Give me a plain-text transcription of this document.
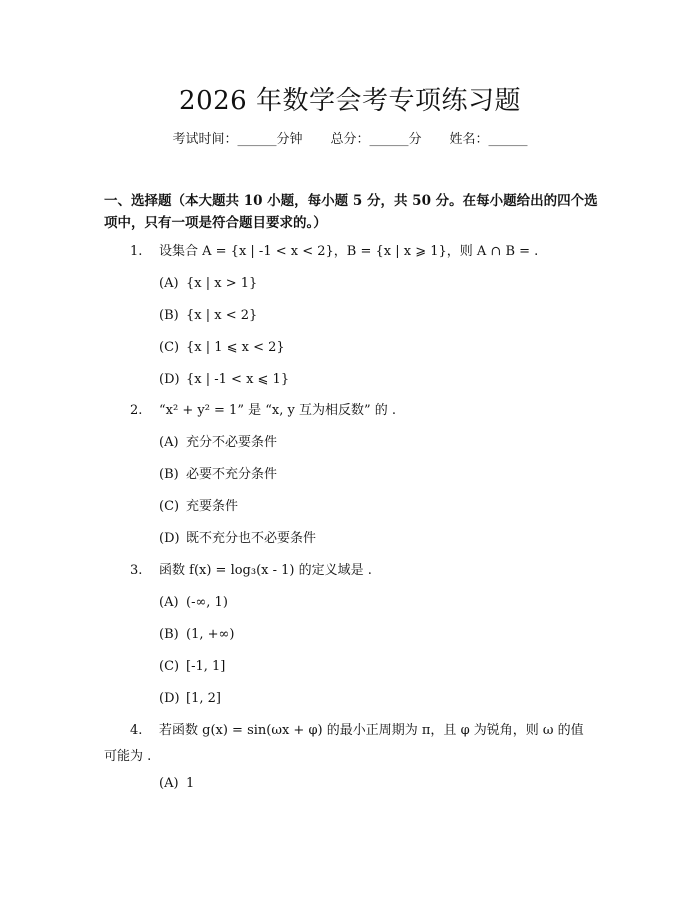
2026 年数学会考专项练习题
考试时间：______分钟 总分：______分 姓名：______
一、选择题（本大题共 10 小题，每小题 5 分，共 50 分。在每小题给出的四个选项中，只有一项是符合题目要求的。）
1. 设集合 A = {x | -1 < x < 2}，B = {x | x ⩾ 1}，则 A ∩ B = .
(A) {x | x > 1}
(B) {x | x < 2}
(C) {x | 1 ⩽ x < 2}
(D) {x | -1 < x ⩽ 1}
2. “x² + y² = 1” 是 “x, y 互为相反数” 的 .
(A) 充分不必要条件
(B) 必要不充分条件
(C) 充要条件
(D) 既不充分也不必要条件
3. 函数 f(x) = log₃(x - 1) 的定义域是 .
(A) (-∞, 1)
(B) (1, +∞)
(C) [-1, 1]
(D) [1, 2]
4.	若函数 g(x) = sin(ωx + φ) 的最小正周期为 π，且 φ 为锐角，则 ω 的值可能为 .
(A) 1
